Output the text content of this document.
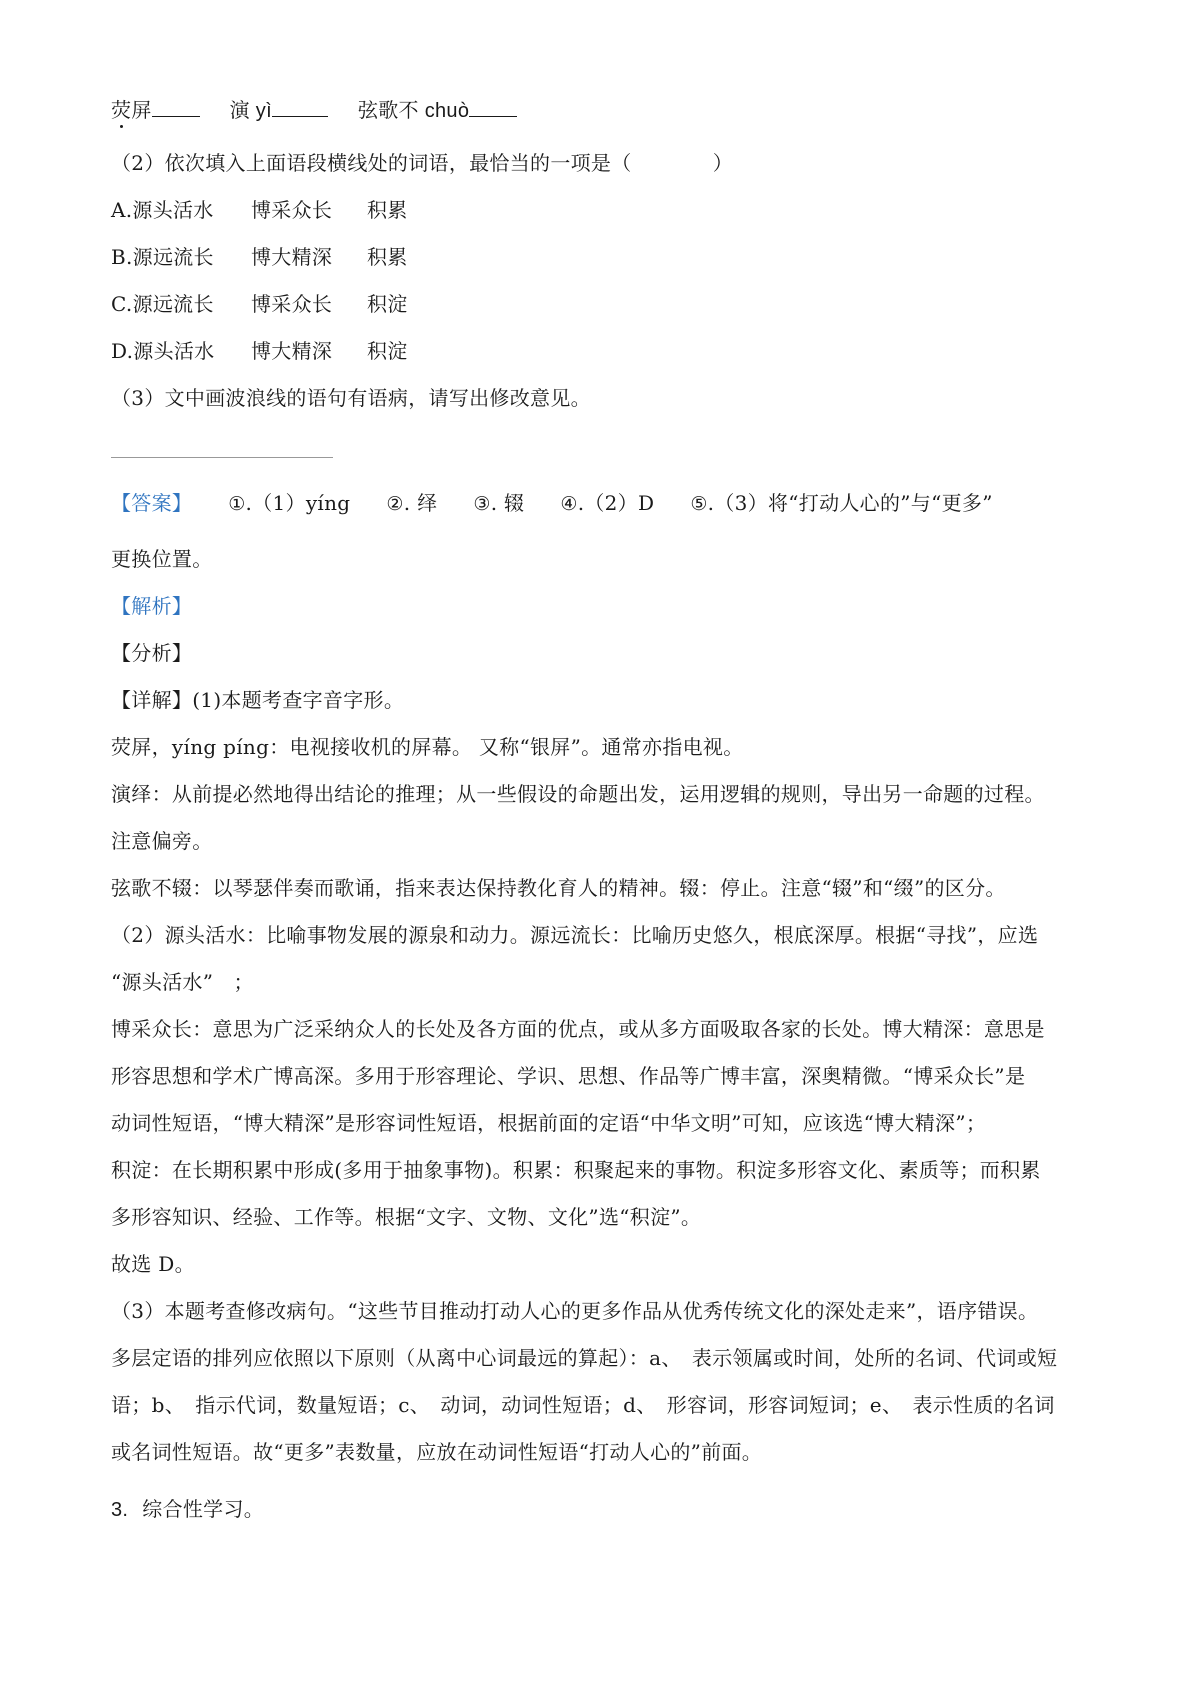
荧屏	演 yì	弦歌不 chuò
（2）依次填入上面语段横线处的词语，最恰当的一项是（　　　　）
A.源头活水 博采众长 积累
B.源远流长 博大精深 积累
C.源远流长 博采众长 积淀
D.源头活水 博大精深 积淀
（3）文中画波浪线的语句有语病，请写出修改意见。
【答案】 ①.（1）yíng ②. 绎 ③. 辍 ④.（2）D ⑤.（3）将“打动人心的”与“更多”
更换位置。
【解析】
【分析】
【详解】(1)本题考查字音字形。
荧屏，yíng píng：电视接收机的屏幕。 又称“银屏”。通常亦指电视。
演绎：从前提必然地得出结论的推理；从一些假设的命题出发，运用逻辑的规则，导出另一命题的过程。
注意偏旁。
弦歌不辍：以琴瑟伴奏而歌诵，指来表达保持教化育人的精神。辍：停止。注意“辍”和“缀”的区分。
（2）源头活水：比喻事物发展的源泉和动力。源远流长：比喻历史悠久，根底深厚。根据“寻找”，应选
“源头活水”　；
博采众长：意思为广泛采纳众人的长处及各方面的优点，或从多方面吸取各家的长处。博大精深：意思是
形容思想和学术广博高深。多用于形容理论、学识、思想、作品等广博丰富，深奥精微。“博采众长”是
动词性短语，“博大精深”是形容词性短语，根据前面的定语“中华文明”可知，应该选“博大精深”；
积淀：在长期积累中形成(多用于抽象事物)。积累：积聚起来的事物。积淀多形容文化、素质等；而积累
多形容知识、经验、工作等。根据“文字、文物、文化”选“积淀”。
故选 D。
（3）本题考查修改病句。“这些节目推动打动人心的更多作品从优秀传统文化的深处走来”，语序错误。
多层定语的排列应依照以下原则（从离中心词最远的算起）：a、　表示领属或时间，处所的名词、代词或短
语；b、　指示代词，数量短语；c、　动词，动词性短语；d、　形容词，形容词短词；e、　表示性质的名词
或名词性短语。故“更多”表数量，应放在动词性短语“打动人心的”前面。
3. 综合性学习。
